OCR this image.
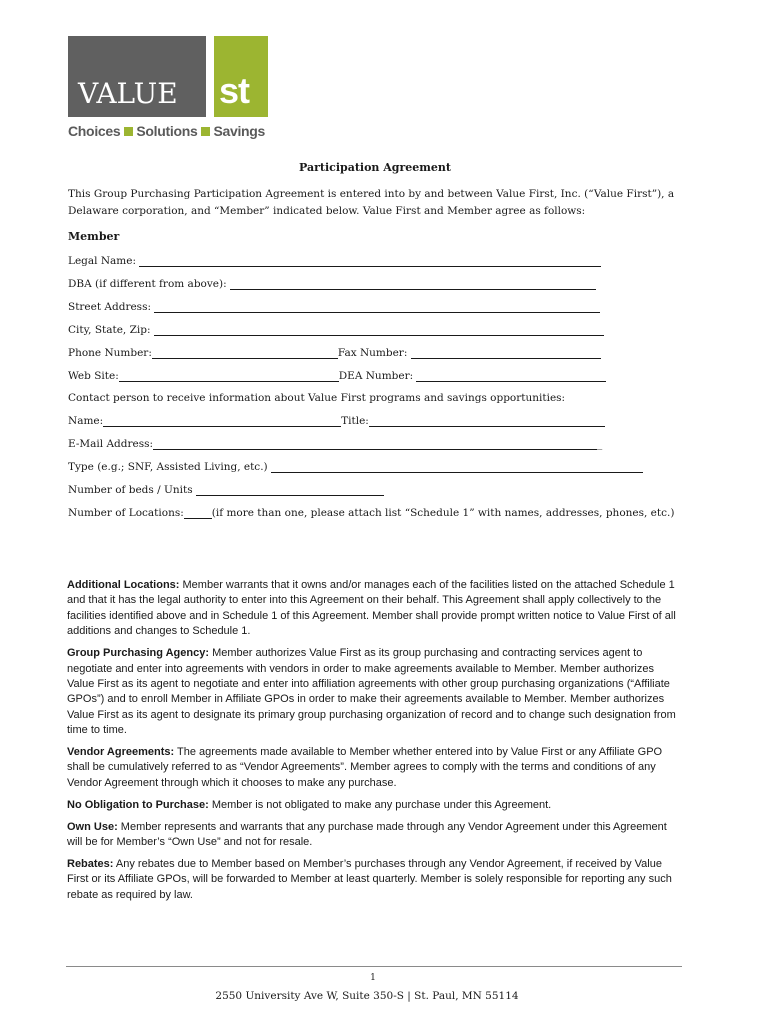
VALUE st
Choices Solutions Savings
Participation Agreement
This Group Purchasing Participation Agreement is entered into by and between Value First, Inc. (“Value First”), a Delaware corporation, and “Member” indicated below. Value First and Member agree as follows:
Member
Legal Name:
DBA (if different from above):
Street Address:
City, State, Zip:
Phone Number:	Fax Number:
Web Site:	DEA Number:
Contact person to receive information about Value First programs and savings opportunities:
Name:	Title:
E-Mail Address:	_
Type (e.g.; SNF, Assisted Living, etc.)
Number of beds / Units
Number of Locations:	(if more than one, please attach list “Schedule 1” with names, addresses, phones, etc.)

Additional Locations: Member warrants that it owns and/or manages each of the facilities listed on the attached Schedule 1 and that it has the legal authority to enter into this Agreement on their behalf. This Agreement shall apply collectively to the facilities identified above and in Schedule 1 of this Agreement. Member shall provide prompt written notice to Value First of all additions and changes to Schedule 1.

Group Purchasing Agency: Member authorizes Value First as its group purchasing and contracting services agent to negotiate and enter into agreements with vendors in order to make agreements available to Member. Member authorizes Value First as its agent to negotiate and enter into affiliation agreements with other group purchasing organizations (“Affiliate GPOs”) and to enroll Member in Affiliate GPOs in order to make their agreements available to Member. Member authorizes Value First as its agent to designate its primary group purchasing organization of record and to change such designation from time to time.

Vendor Agreements: The agreements made available to Member whether entered into by Value First or any Affiliate GPO shall be cumulatively referred to as “Vendor Agreements”. Member agrees to comply with the terms and conditions of any Vendor Agreement through which it chooses to make any purchase.

No Obligation to Purchase: Member is not obligated to make any purchase under this Agreement.

Own Use: Member represents and warrants that any purchase made through any Vendor Agreement under this Agreement will be for Member’s “Own Use” and not for resale.

Rebates: Any rebates due to Member based on Member’s purchases through any Vendor Agreement, if received by Value First or its Affiliate GPOs, will be forwarded to Member at least quarterly. Member is solely responsible for reporting any such rebate as required by law.

1
2550 University Ave W, Suite 350-S | St. Paul, MN 55114
